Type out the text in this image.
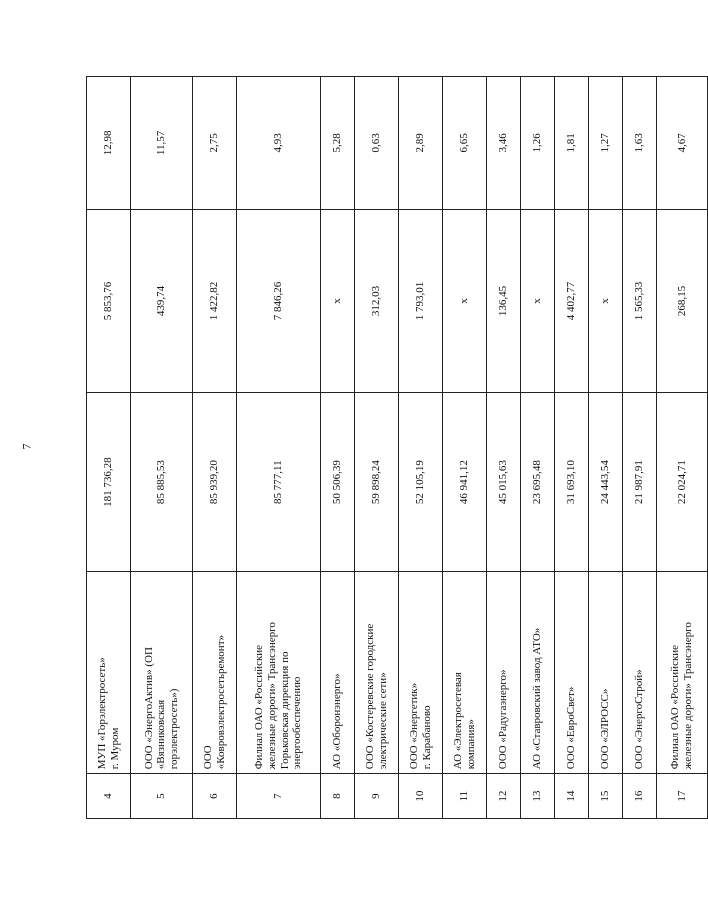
7
4	МУП «Горэлектросеть» г. Муром	181 736,28	5 853,76	12,98
5	ООО «ЭнергоАктив» (ОП «Вязниковская горэлектросеть»)	85 885,53	439,74	11,57
6	ООО «Ковровэлектросетьремонт»	85 939,20	1 422,82	2,75
7	Филиал ОАО «Российские железные дороги» Трансэнерго Горьковская дирекция по энергообеспечению	85 777,11	7 846,26	4,93
8	АО «Оборонэнерго»	50 506,39	х	5,28
9	ООО «Костеревские городские электрические сети»	59 898,24	312,03	0,63
10	ООО «Энергетик» г. Карабаново	52 105,19	1 793,01	2,89
11	АО «Электросетевая компания»	46 941,12	х	6,65
12	ООО «Радугаэнерго»	45 015,63	136,45	3,46
13	АО «Ставровский завод АТО»	23 695,48	х	1,26
14	ООО «ЕвроСвет»	31 693,10	4 402,77	1,81
15	ООО «ЭЛРОСС»	24 443,54	х	1,27
16	ООО «ЭнергоСтрой»	21 987,91	1 565,33	1,63
17	Филиал ОАО «Российские железные дороги» Трансэнерго	22 024,71	268,15	4,67
